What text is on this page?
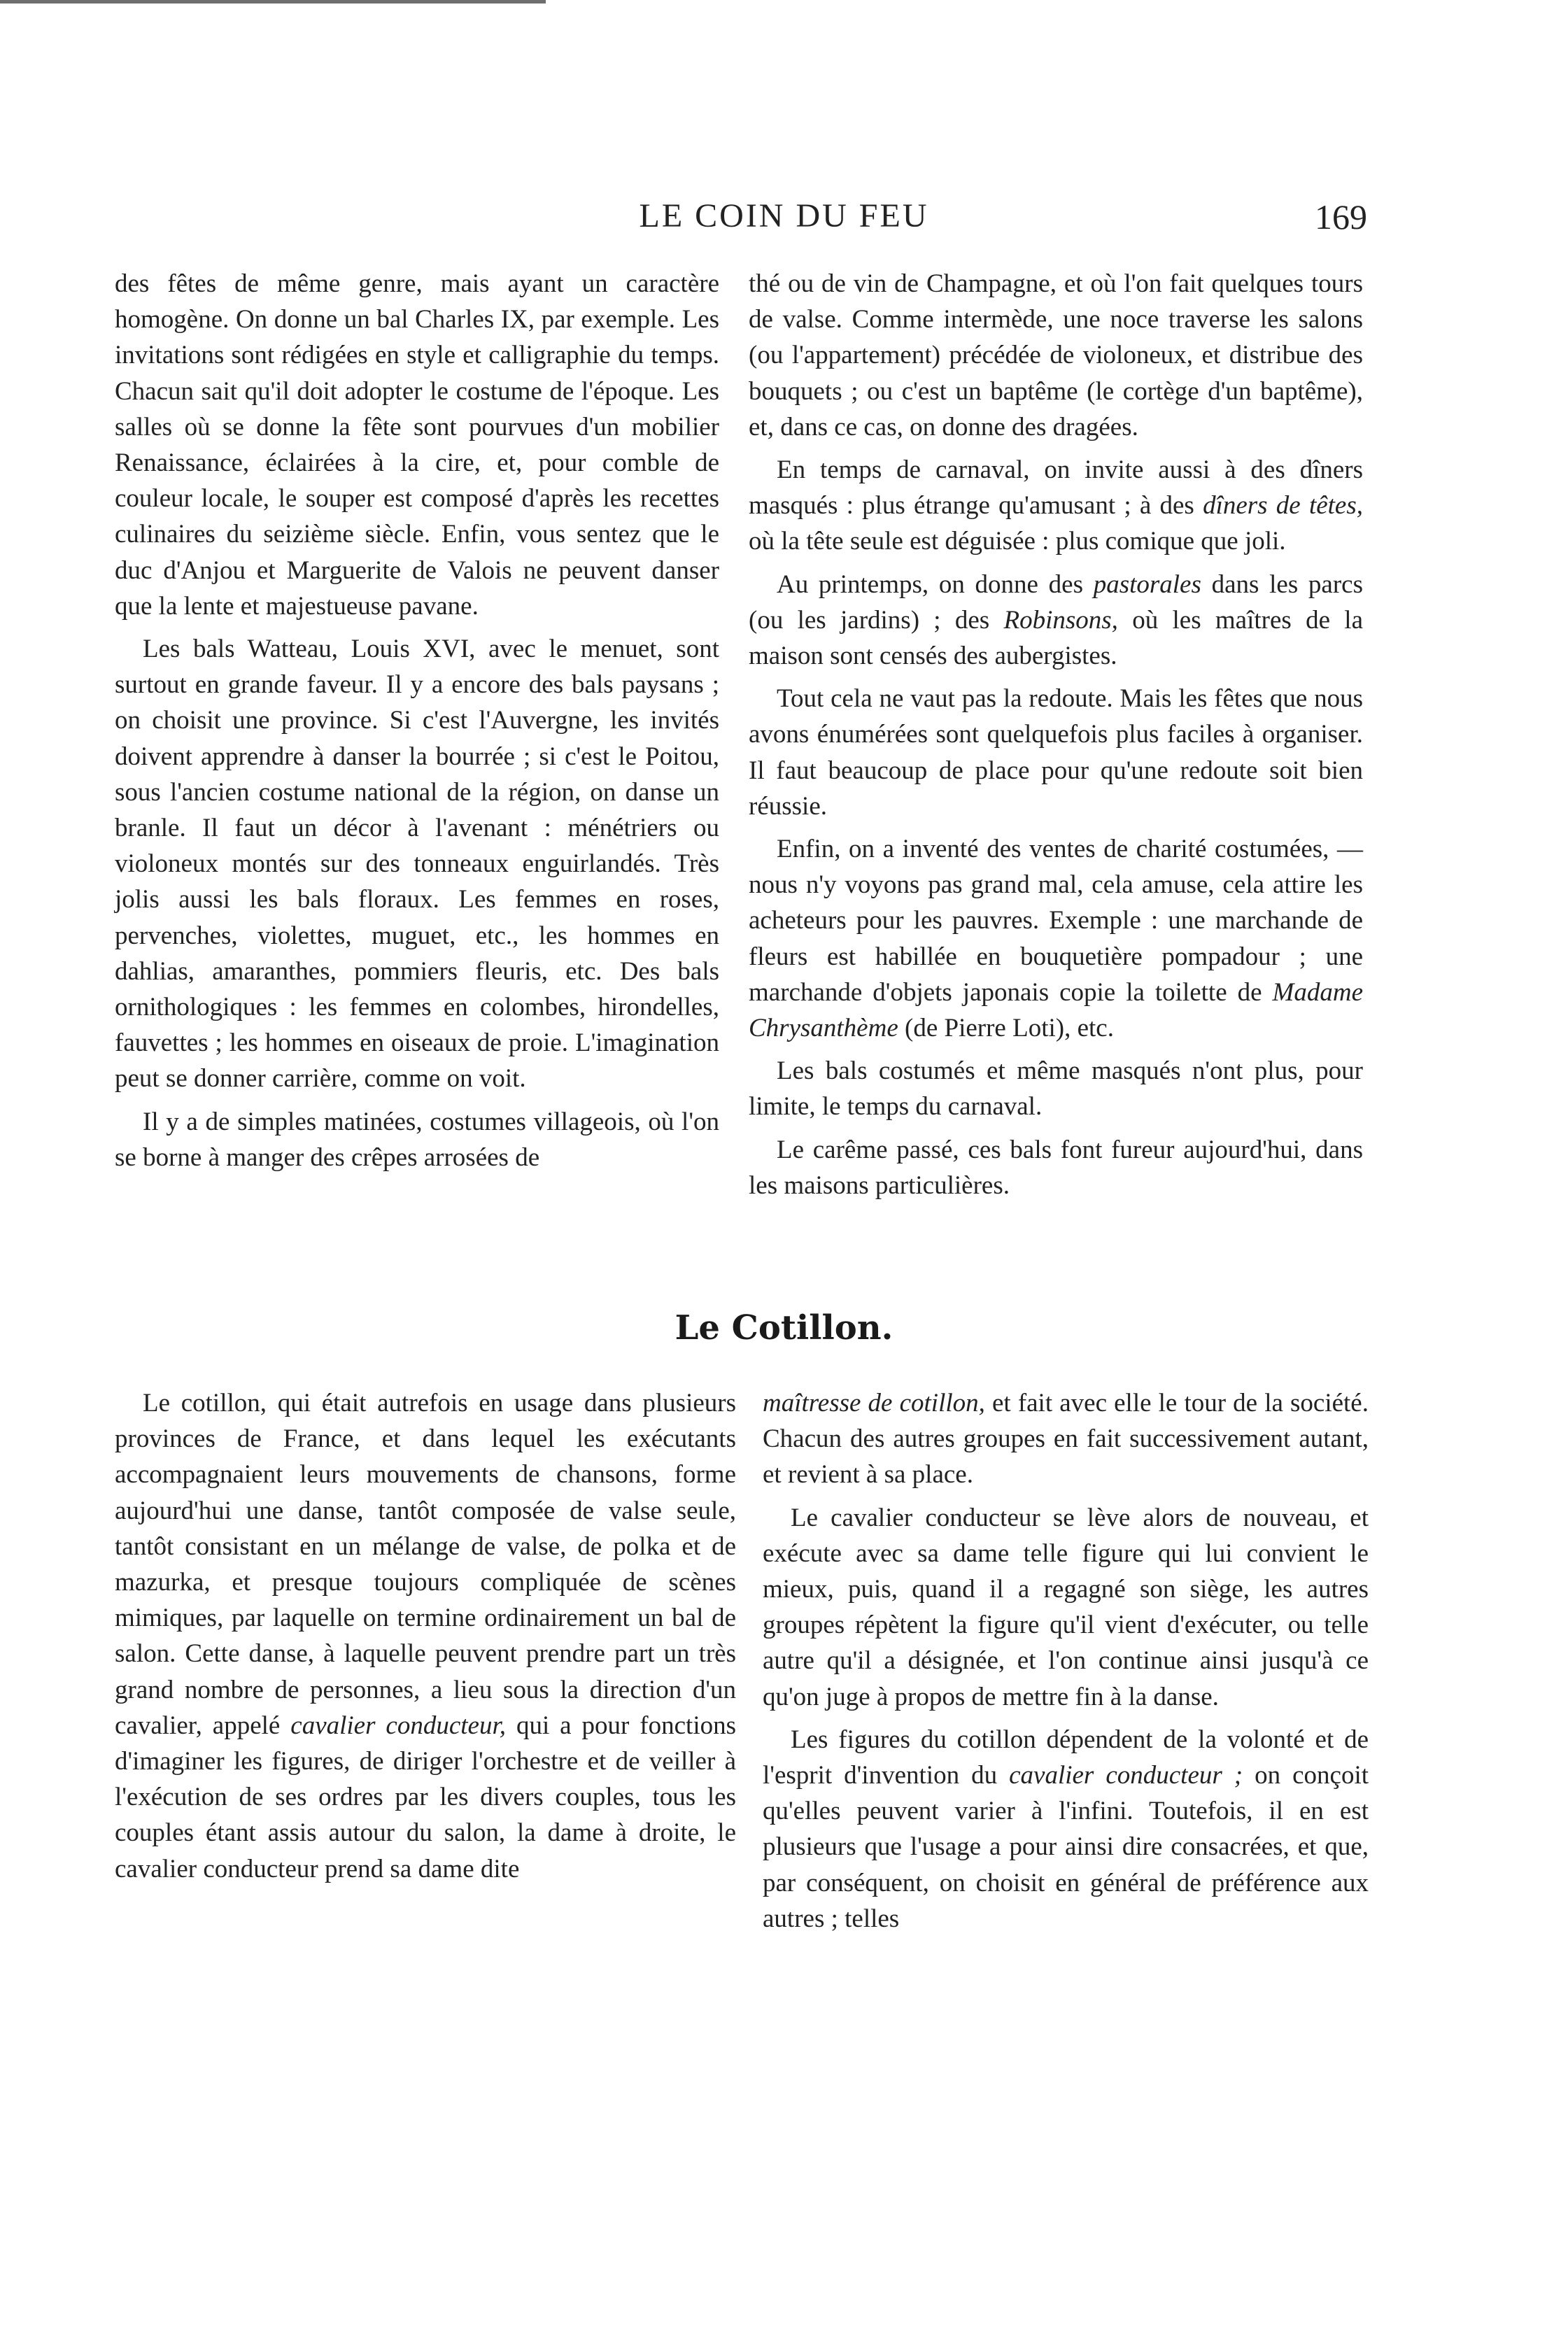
LE COIN DU FEU	169

des fêtes de même genre, mais ayant un caractère homogène. On donne un bal Charles IX, par exemple. Les invitations sont rédigées en style et calligraphie du temps. Chacun sait qu'il doit adopter le costume de l'époque. Les salles où se donne la fête sont pourvues d'un mobilier Renaissance, éclairées à la cire, et, pour comble de couleur locale, le souper est composé d'après les recettes culinaires du seizième siècle. Enfin, vous sentez que le duc d'Anjou et Marguerite de Valois ne peuvent danser que la lente et majestueuse pavane.

Les bals Watteau, Louis XVI, avec le menuet, sont surtout en grande faveur. Il y a encore des bals paysans ; on choisit une province. Si c'est l'Auvergne, les invités doivent apprendre à danser la bourrée ; si c'est le Poitou, sous l'ancien costume national de la région, on danse un branle. Il faut un décor à l'avenant : ménétriers ou violoneux montés sur des tonneaux enguirlandés. Très jolis aussi les bals floraux. Les femmes en roses, pervenches, violettes, muguet, etc., les hommes en dahlias, amaranthes, pommiers fleuris, etc. Des bals ornithologiques : les femmes en colombes, hirondelles, fauvettes ; les hommes en oiseaux de proie. L'imagination peut se donner carrière, comme on voit.

Il y a de simples matinées, costumes villageois, où l'on se borne à manger des crêpes arrosées de

thé ou de vin de Champagne, et où l'on fait quelques tours de valse. Comme intermède, une noce traverse les salons (ou l'appartement) précédée de violoneux, et distribue des bouquets ; ou c'est un baptême (le cortège d'un baptême), et, dans ce cas, on donne des dragées.

En temps de carnaval, on invite aussi à des dîners masqués : plus étrange qu'amusant ; à des dîners de têtes, où la tête seule est déguisée : plus comique que joli.

Au printemps, on donne des pastorales dans les parcs (ou les jardins) ; des Robinsons, où les maîtres de la maison sont censés des aubergistes.

Tout cela ne vaut pas la redoute. Mais les fêtes que nous avons énumérées sont quelquefois plus faciles à organiser. Il faut beaucoup de place pour qu'une redoute soit bien réussie.

Enfin, on a inventé des ventes de charité costumées, — nous n'y voyons pas grand mal, cela amuse, cela attire les acheteurs pour les pauvres. Exemple : une marchande de fleurs est habillée en bouquetière pompadour ; une marchande d'objets japonais copie la toilette de Madame Chrysanthème (de Pierre Loti), etc.

Les bals costumés et même masqués n'ont plus, pour limite, le temps du carnaval.

Le carême passé, ces bals font fureur aujourd'hui, dans les maisons particulières.

Le Cotillon.

Le cotillon, qui était autrefois en usage dans plusieurs provinces de France, et dans lequel les exécutants accompagnaient leurs mouvements de chansons, forme aujourd'hui une danse, tantôt composée de valse seule, tantôt consistant en un mélange de valse, de polka et de mazurka, et presque toujours compliquée de scènes mimiques, par laquelle on termine ordinairement un bal de salon. Cette danse, à laquelle peuvent prendre part un très grand nombre de personnes, a lieu sous la direction d'un cavalier, appelé cavalier conducteur, qui a pour fonctions d'imaginer les figures, de diriger l'orchestre et de veiller à l'exécution de ses ordres par les divers couples, tous les couples étant assis autour du salon, la dame à droite, le cavalier conducteur prend sa dame dite

maîtresse de cotillon, et fait avec elle le tour de la société. Chacun des autres groupes en fait successivement autant, et revient à sa place.

Le cavalier conducteur se lève alors de nouveau, et exécute avec sa dame telle figure qui lui convient le mieux, puis, quand il a regagné son siège, les autres groupes répètent la figure qu'il vient d'exécuter, ou telle autre qu'il a désignée, et l'on continue ainsi jusqu'à ce qu'on juge à propos de mettre fin à la danse.

Les figures du cotillon dépendent de la volonté et de l'esprit d'invention du cavalier conducteur ; on conçoit qu'elles peuvent varier à l'infini. Toutefois, il en est plusieurs que l'usage a pour ainsi dire consacrées, et que, par conséquent, on choisit en général de préférence aux autres ; telles
